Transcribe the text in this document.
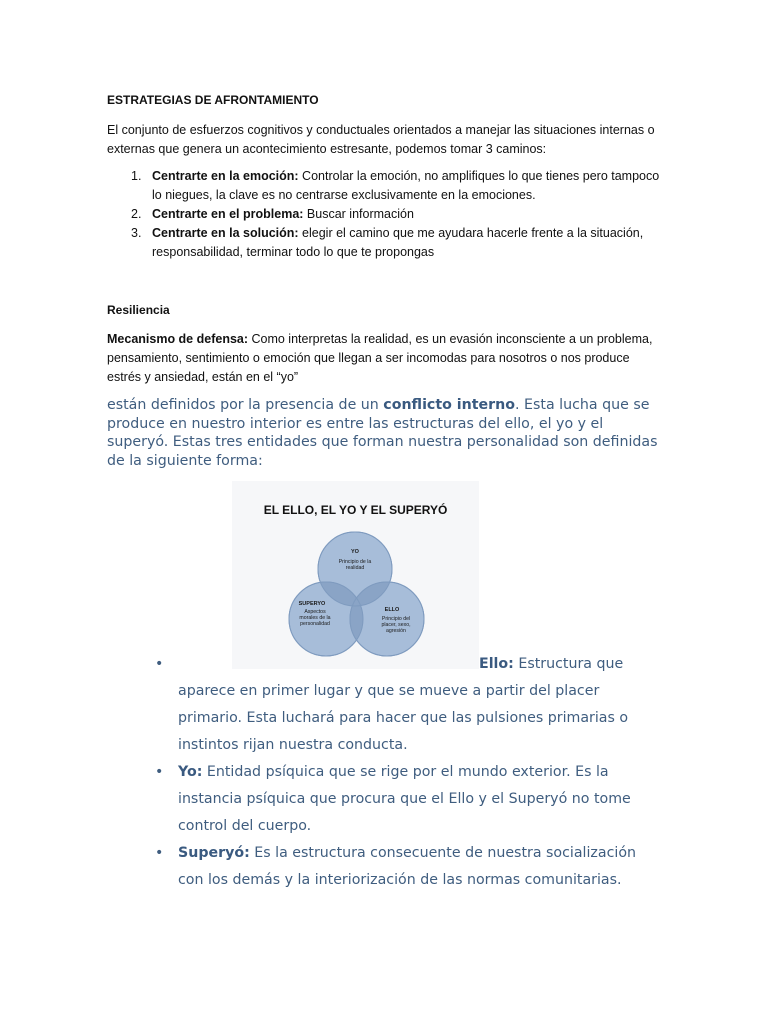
ESTRATEGIAS DE AFRONTAMIENTO

El conjunto de esfuerzos cognitivos y conductuales orientados a manejar las situaciones internas o externas que genera un acontecimiento estresante, podemos tomar 3 caminos:

1. Centrarte en la emoción: Controlar la emoción, no amplifiques lo que tienes pero tampoco lo niegues, la clave es no centrarse exclusivamente en la emociones.
2. Centrarte en el problema: Buscar información
3. Centrarte en la solución: elegir el camino que me ayudara hacerle frente a la situación, responsabilidad, terminar todo lo que te propongas

Resiliencia

Mecanismo de defensa: Como interpretas la realidad, es un evasión inconsciente a un problema, pensamiento, sentimiento o emoción que llegan a ser incomodas para nosotros o nos produce estrés y ansiedad, están en el “yo”

están definidos por la presencia de un conflicto interno. Esta lucha que se produce en nuestro interior es entre las estructuras del ello, el yo y el superyó. Estas tres entidades que forman nuestra personalidad son definidas de la siguiente forma:

EL ELLO, EL YO Y EL SUPERYÓ
YO
Principio de la
realidad
SUPERYO
Aspectos
morales de la
personalidad
ELLO
Principio del
placer, sexo,
agresión
•	Ello: Estructura que aparece en primer lugar y que se mueve a partir del placer primario. Esta luchará para hacer que las pulsiones primarias o instintos rijan nuestra conducta.
• Yo: Entidad psíquica que se rige por el mundo exterior. Es la instancia psíquica que procura que el Ello y el Superyó no tome control del cuerpo.
• Superyó: Es la estructura consecuente de nuestra socialización con los demás y la interiorización de las normas comunitarias.
